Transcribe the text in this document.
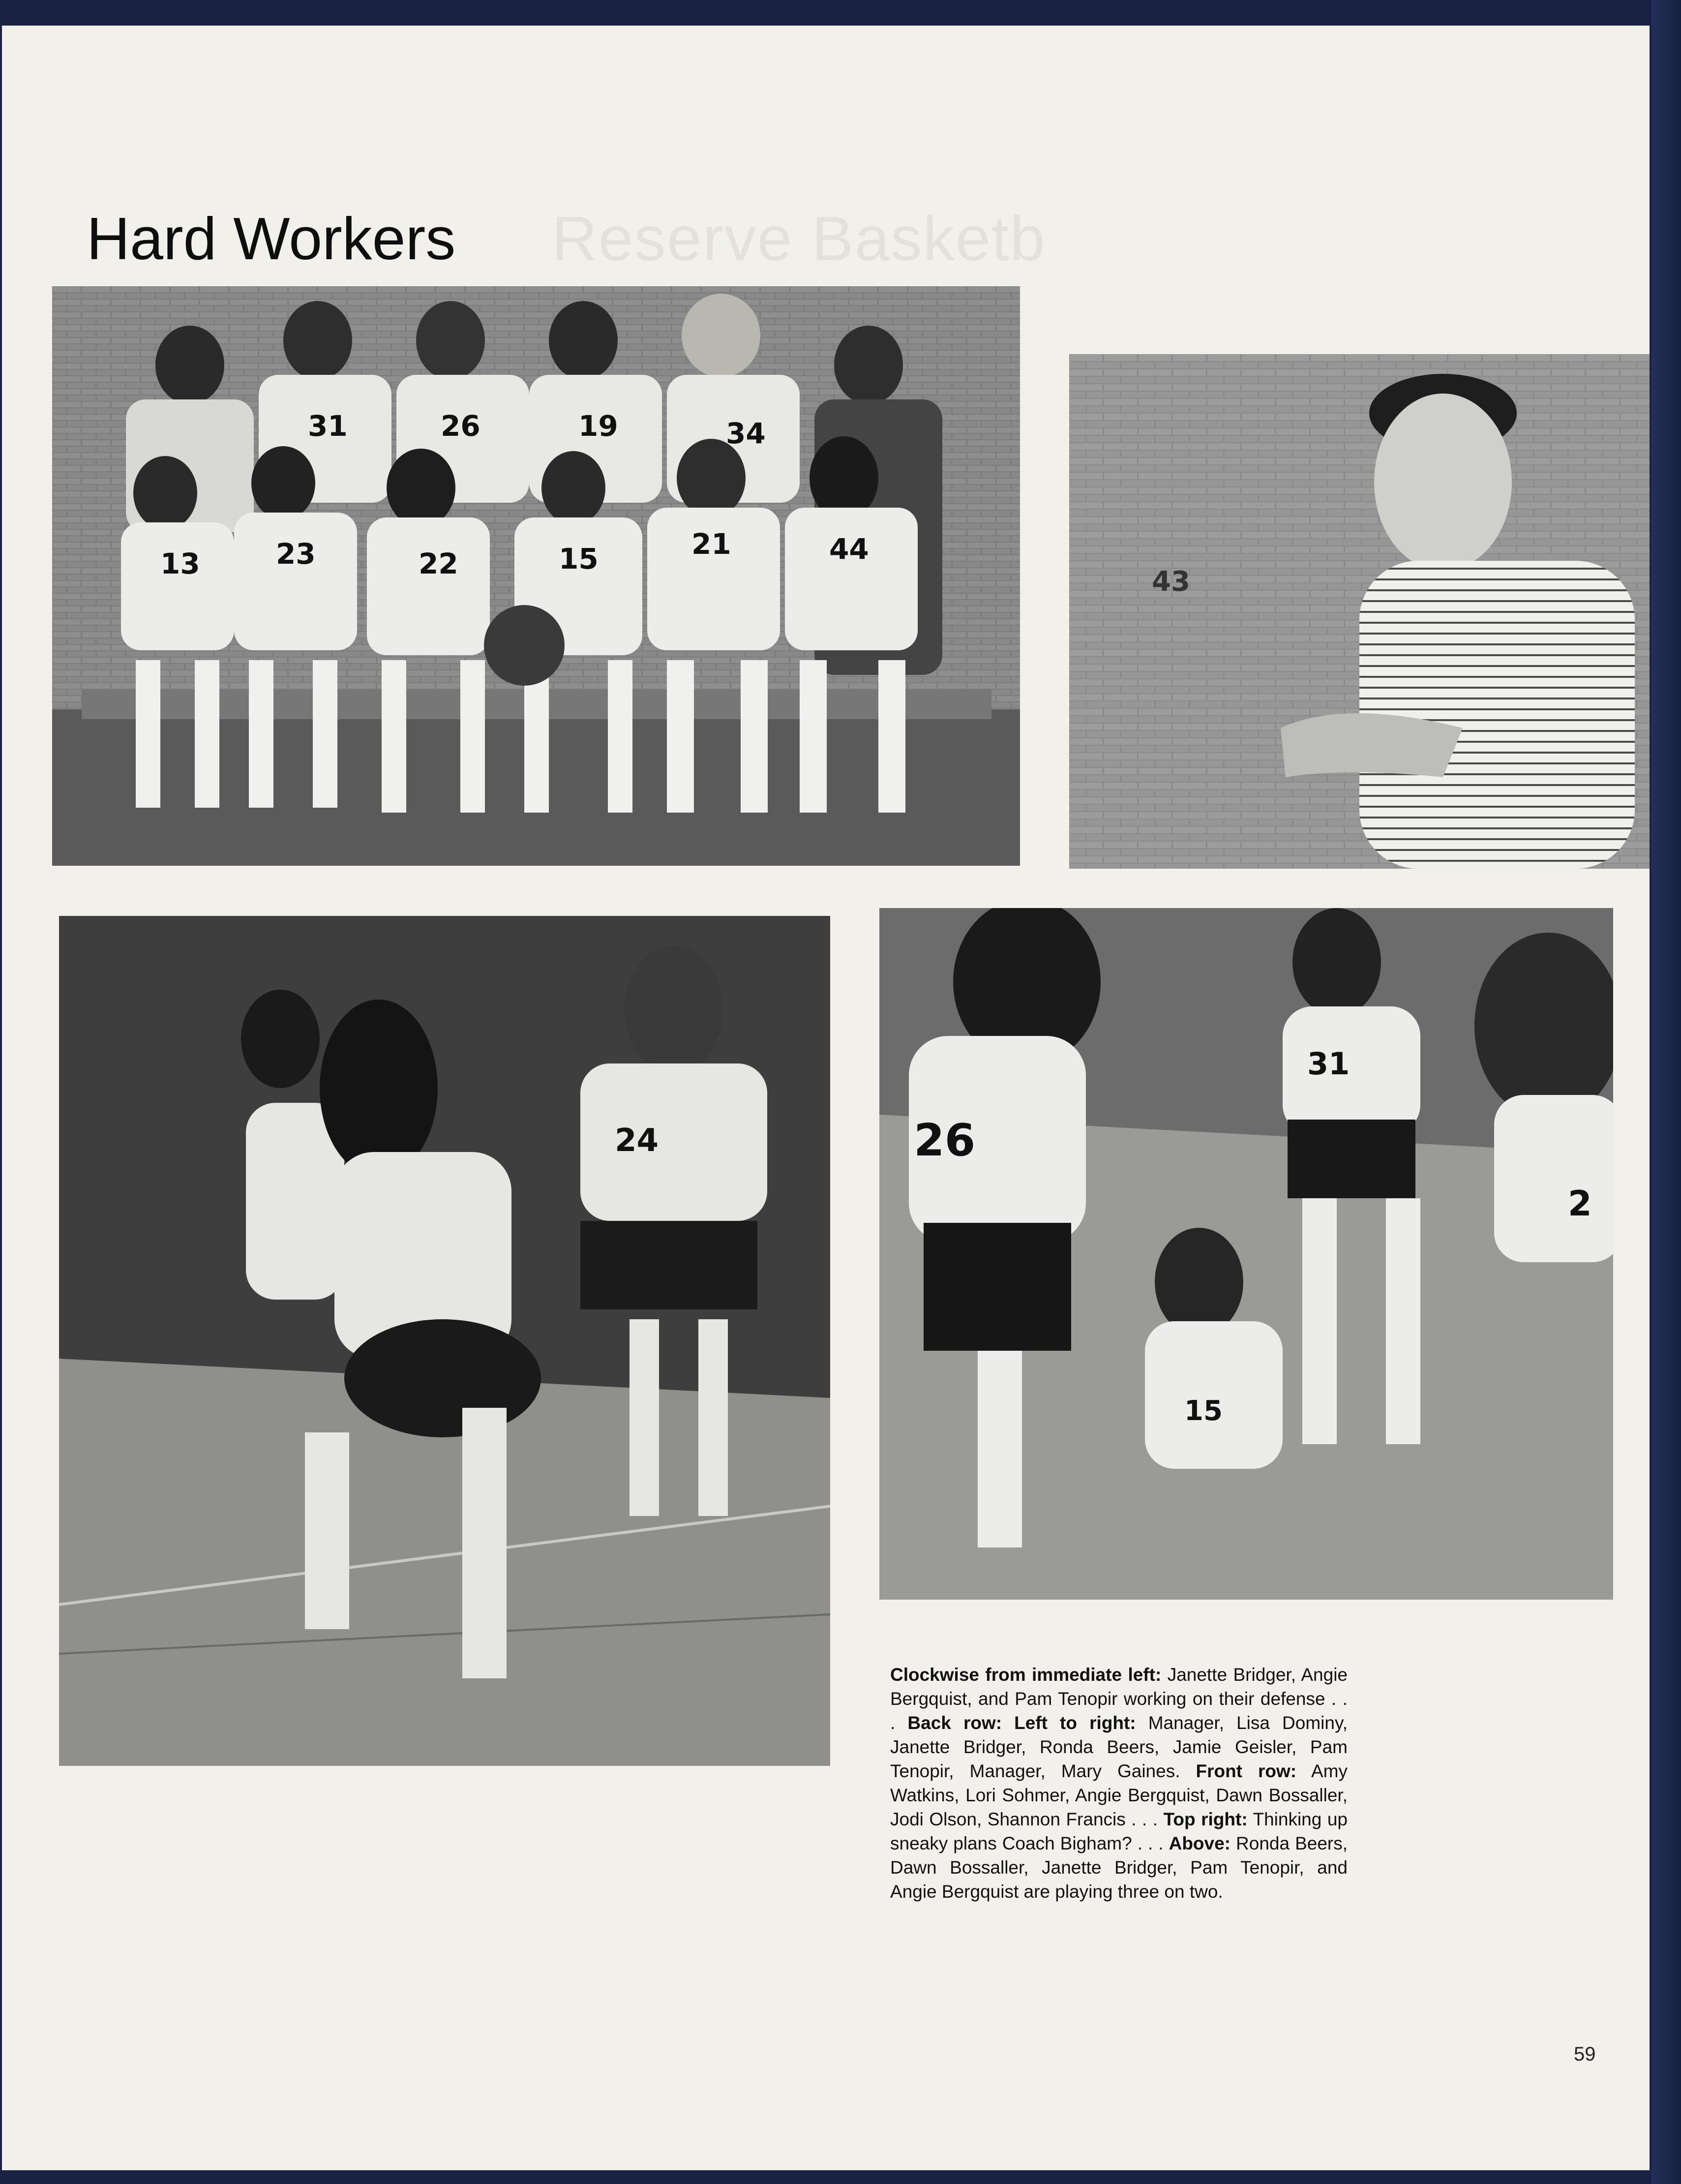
Reserve Basketb
Hard Workers
31	26	19	34
13	23	22	15	21	44
43
24	26
31
15
2

Clockwise from immediate left: Janette Bridger, Angie Bergquist, and Pam Tenopir working on their defense . . . Back row: Left to right: Manager, Lisa Dominy, Janette Bridger, Ronda Beers, Jamie Geisler, Pam Tenopir, Manager, Mary Gaines. Front row: Amy Watkins, Lori Sohmer, Angie Bergquist, Dawn Bossaller, Jodi Olson, Shannon Francis . . . Top right: Thinking up sneaky plans Coach Bigham? . . . Above: Ronda Beers, Dawn Bossaller, Janette Bridger, Pam Tenopir, and Angie Bergquist are playing three on two.

59
